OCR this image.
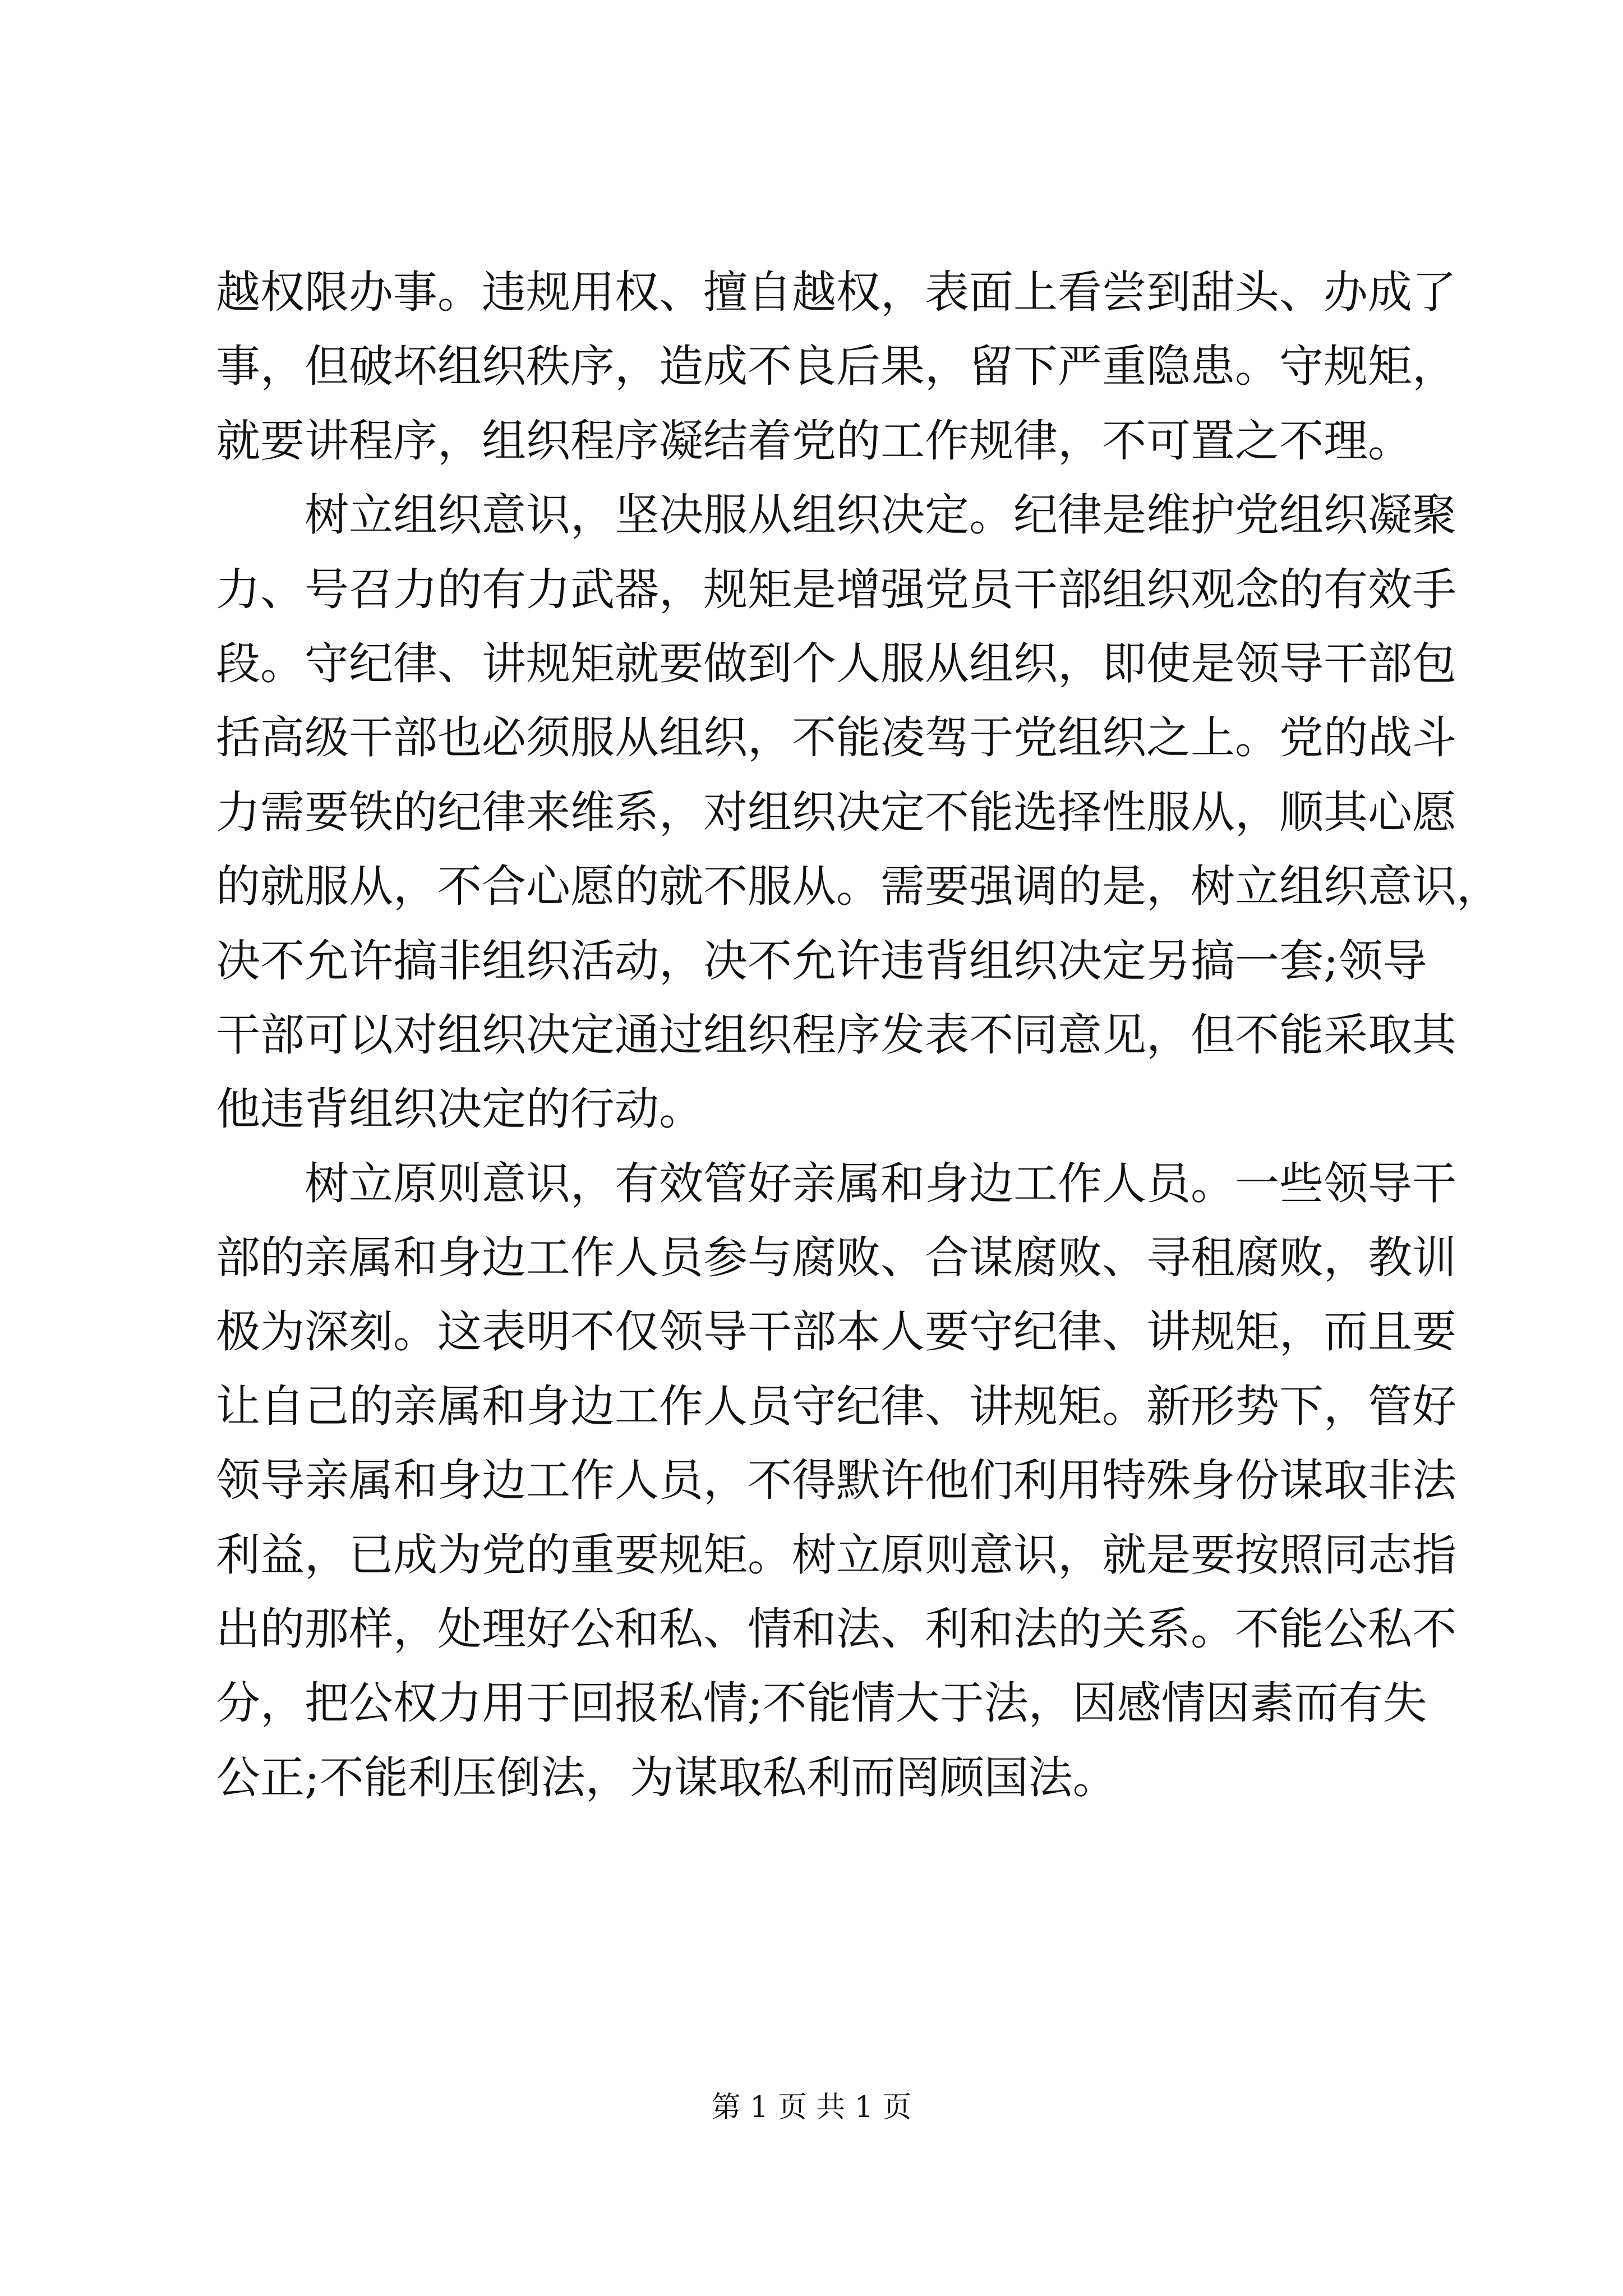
越权限办事。违规用权、擅自越权，表面上看尝到甜头、办成了
事，但破坏组织秩序，造成不良后果，留下严重隐患。守规矩，
就要讲程序，组织程序凝结着党的工作规律，不可置之不理。
　　树立组织意识，坚决服从组织决定。纪律是维护党组织凝聚
力、号召力的有力武器，规矩是增强党员干部组织观念的有效手
段。守纪律、讲规矩就要做到个人服从组织，即使是领导干部包
括高级干部也必须服从组织，不能凌驾于党组织之上。党的战斗
力需要铁的纪律来维系，对组织决定不能选择性服从，顺其心愿
的就服从，不合心愿的就不服从。需要强调的是，树立组织意识，
决不允许搞非组织活动，决不允许违背组织决定另搞一套;领导
干部可以对组织决定通过组织程序发表不同意见，但不能采取其
他违背组织决定的行动。
　　树立原则意识，有效管好亲属和身边工作人员。一些领导干
部的亲属和身边工作人员参与腐败、合谋腐败、寻租腐败，教训
极为深刻。这表明不仅领导干部本人要守纪律、讲规矩，而且要
让自己的亲属和身边工作人员守纪律、讲规矩。新形势下，管好
领导亲属和身边工作人员，不得默许他们利用特殊身份谋取非法
利益，已成为党的重要规矩。树立原则意识，就是要按照同志指
出的那样，处理好公和私、情和法、利和法的关系。不能公私不
分，把公权力用于回报私情;不能情大于法，因感情因素而有失
公正;不能利压倒法，为谋取私利而罔顾国法。
第 1 页 共 1 页
